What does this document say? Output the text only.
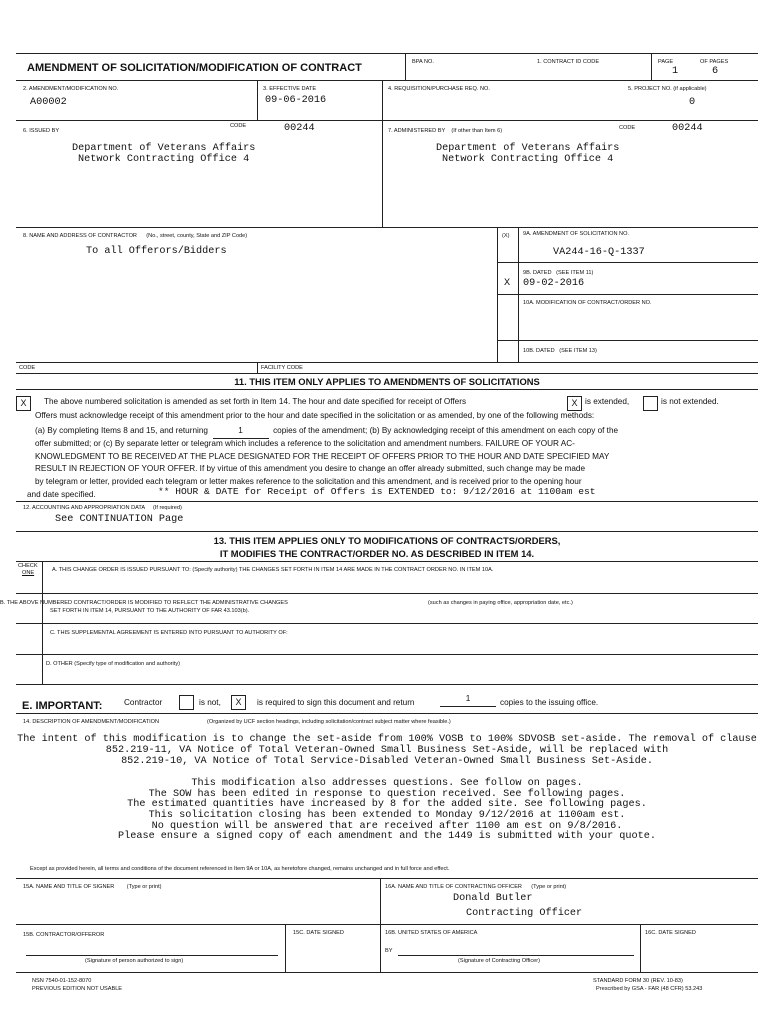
AMENDMENT OF SOLICITATION/MODIFICATION OF CONTRACT	BPA NO.	1. CONTRACT ID CODE	PAGE	OF PAGES
1	6
2. AMENDMENT/MODIFICATION NO.
A00002
3. EFFECTIVE DATE
09-06-2016
4. REQUISITION/PURCHASE REQ. NO.	5. PROJECT NO. (if applicable)
0
6. ISSUED BY
CODE	00244
Department of Veterans Affairs
Network Contracting Office 4
7. ADMINISTERED BY (If other than Item 6)	CODE	00244
Department of Veterans Affairs
Network Contracting Office 4
8. NAME AND ADDRESS OF CONTRACTOR (No., street, county, State and ZIP Code)
To all Offerors/Bidders
(X) 9A. AMENDMENT OF SOLICITATION NO.
VA244-16-Q-1337
9B. DATED (SEE ITEM 11)
X 09-02-2016
10A. MODIFICATION OF CONTRACT/ORDER NO.
10B. DATED (SEE ITEM 13)
CODE	FACILITY CODE
11. THIS ITEM ONLY APPLIES TO AMENDMENTS OF SOLICITATIONS
X	The above numbered solicitation is amended as set forth in Item 14. The hour and date specified for receipt of Offers	X is extended,	is not extended.
Offers must acknowledge receipt of this amendment prior to the hour and date specified in the solicitation or as amended, by one of the following methods:
(a) By completing Items 8 and 15, and returning	1	copies of the amendment; (b) By acknowledging receipt of this amendment on each copy of the
offer submitted; or (c) By separate letter or telegram which includes a reference to the solicitation and amendment numbers. FAILURE OF YOUR AC-
KNOWLEDGMENT TO BE RECEIVED AT THE PLACE DESIGNATED FOR THE RECEIPT OF OFFERS PRIOR TO THE HOUR AND DATE SPECIFIED MAY
RESULT IN REJECTION OF YOUR OFFER. If by virtue of this amendment you desire to change an offer already submitted, such change may be made
by telegram or letter, provided each telegram or letter makes reference to the solicitation and this amendment, and is received prior to the opening hour
and date specified.	** HOUR & DATE for Receipt of Offers is EXTENDED to: 9/12/2016 at 1100am est
12. ACCOUNTING AND APPROPRIATION DATA (If required)
See CONTINUATION Page
13. THIS ITEM APPLIES ONLY TO MODIFICATIONS OF CONTRACTS/ORDERS,
IT MODIFIES THE CONTRACT/ORDER NO. AS DESCRIBED IN ITEM 14.
CHECK
ONE	A. THIS CHANGE ORDER IS ISSUED PURSUANT TO: (Specify authority) THE CHANGES SET FORTH IN ITEM 14 ARE MADE IN THE CONTRACT ORDER NO. IN ITEM 10A.
B. THE ABOVE NUMBERED CONTRACT/ORDER IS MODIFIED TO REFLECT THE ADMINISTRATIVE CHANGES	(such as changes in paying office, appropriation date, etc.)
SET FORTH IN ITEM 14, PURSUANT TO THE AUTHORITY OF FAR 43.103(b).
C. THIS SUPPLEMENTAL AGREEMENT IS ENTERED INTO PURSUANT TO AUTHORITY OF:
D. OTHER (Specify type of modification and authority)
E. IMPORTANT:	Contractor	is not,	X	is required to sign this document and return	1	copies to the issuing office.
14. DESCRIPTION OF AMENDMENT/MODIFICATION	(Organized by UCF section headings, including solicitation/contract subject matter where feasible.)
The intent of this modification is to change the set-aside from 100% VOSB to 100% SDVOSB set-aside. The removal of clause
852.219-11, VA Notice of Total Veteran-Owned Small Business Set-Aside, will be replaced with
852.219-10, VA Notice of Total Service-Disabled Veteran-Owned Small Business Set-Aside.
This modification also addresses questions. See follow on pages.
The SOW has been edited in response to question received. See following pages.
The estimated quantities have increased by 8 for the added site. See following pages.
This solicitation closing has been extended to Monday 9/12/2016 at 1100am est.
No question will be answered that are received after 1100 am est on 9/8/2016.
Please ensure a signed copy of each amendment and the 1449 is submitted with your quote.
Except as provided herein, all terms and conditions of the document referenced in Item 9A or 10A, as heretofore changed, remains unchanged and in full force and effect.
15A. NAME AND TITLE OF SIGNER (Type or print)	16A. NAME AND TITLE OF CONTRACTING OFFICER (Type or print)
Donald Butler
Contracting Officer
15B. CONTRACTOR/OFFEROR	15C. DATE SIGNED	16B. UNITED STATES OF AMERICA	16C. DATE SIGNED
BY
(Signature of person authorized to sign)	(Signature of Contracting Officer)
NSN 7540-01-152-8070
PREVIOUS EDITION NOT USABLE
STANDARD FORM 30 (REV. 10-83)
Prescribed by GSA - FAR (48 CFR) 53.243
